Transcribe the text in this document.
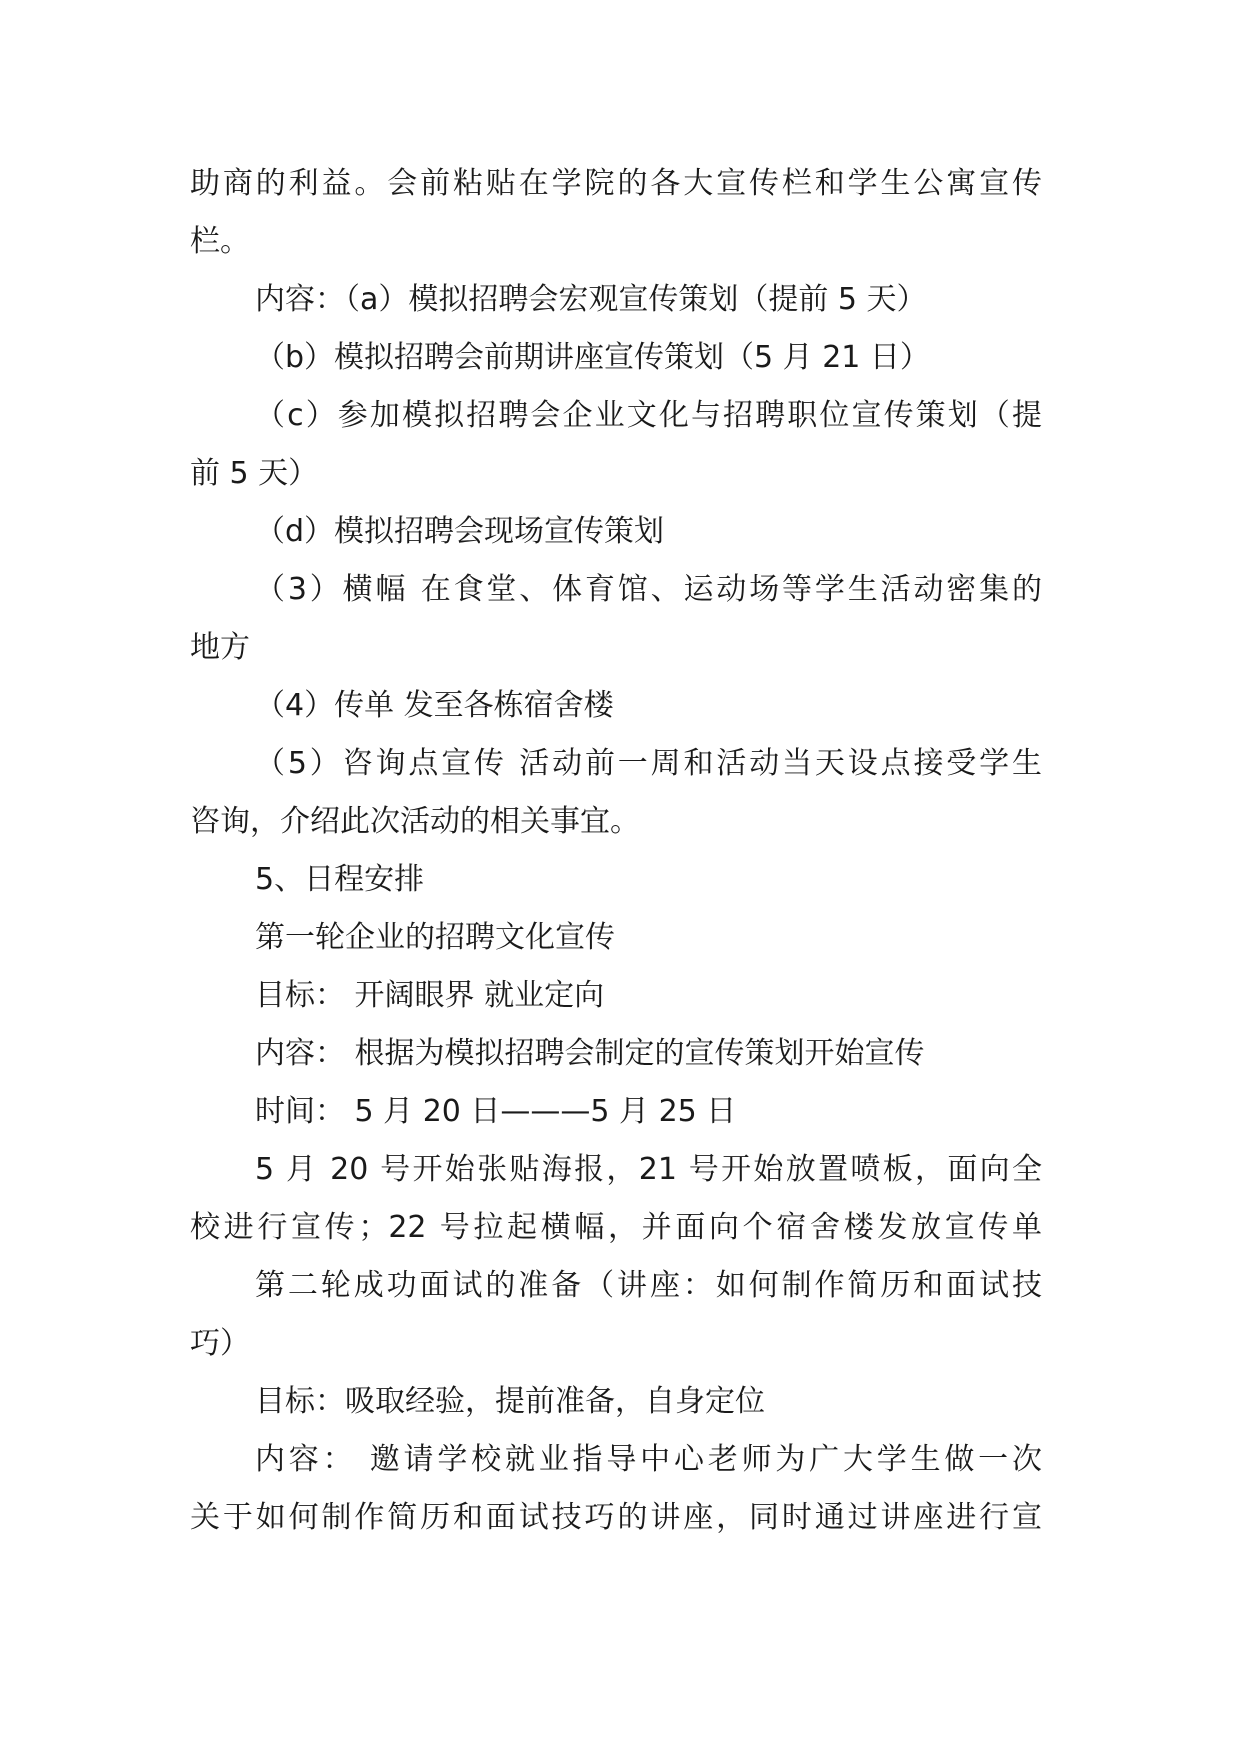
助商的利益。会前粘贴在学院的各大宣传栏和学生公寓宣传

栏。

内容：（a）模拟招聘会宏观宣传策划（提前 5 天）

（b）模拟招聘会前期讲座宣传策划（5 月 21 日）

（c）参加模拟招聘会企业文化与招聘职位宣传策划（提

前 5 天）

（d）模拟招聘会现场宣传策划

（3）横幅 在食堂、体育馆、运动场等学生活动密集的

地方

（4）传单 发至各栋宿舍楼

（5）咨询点宣传 活动前一周和活动当天设点接受学生

咨询，介绍此次活动的相关事宜。

5、日程安排

第一轮企业的招聘文化宣传

目标： 开阔眼界 就业定向

内容： 根据为模拟招聘会制定的宣传策划开始宣传

时间： 5 月 20 日———5 月 25 日

5 月 20 号开始张贴海报，21 号开始放置喷板，面向全

校进行宣传；22 号拉起横幅，并面向个宿舍楼发放宣传单

第二轮成功面试的准备（讲座：如何制作简历和面试技

巧）

目标：吸取经验，提前准备，自身定位

内容： 邀请学校就业指导中心老师为广大学生做一次

关于如何制作简历和面试技巧的讲座，同时通过讲座进行宣
